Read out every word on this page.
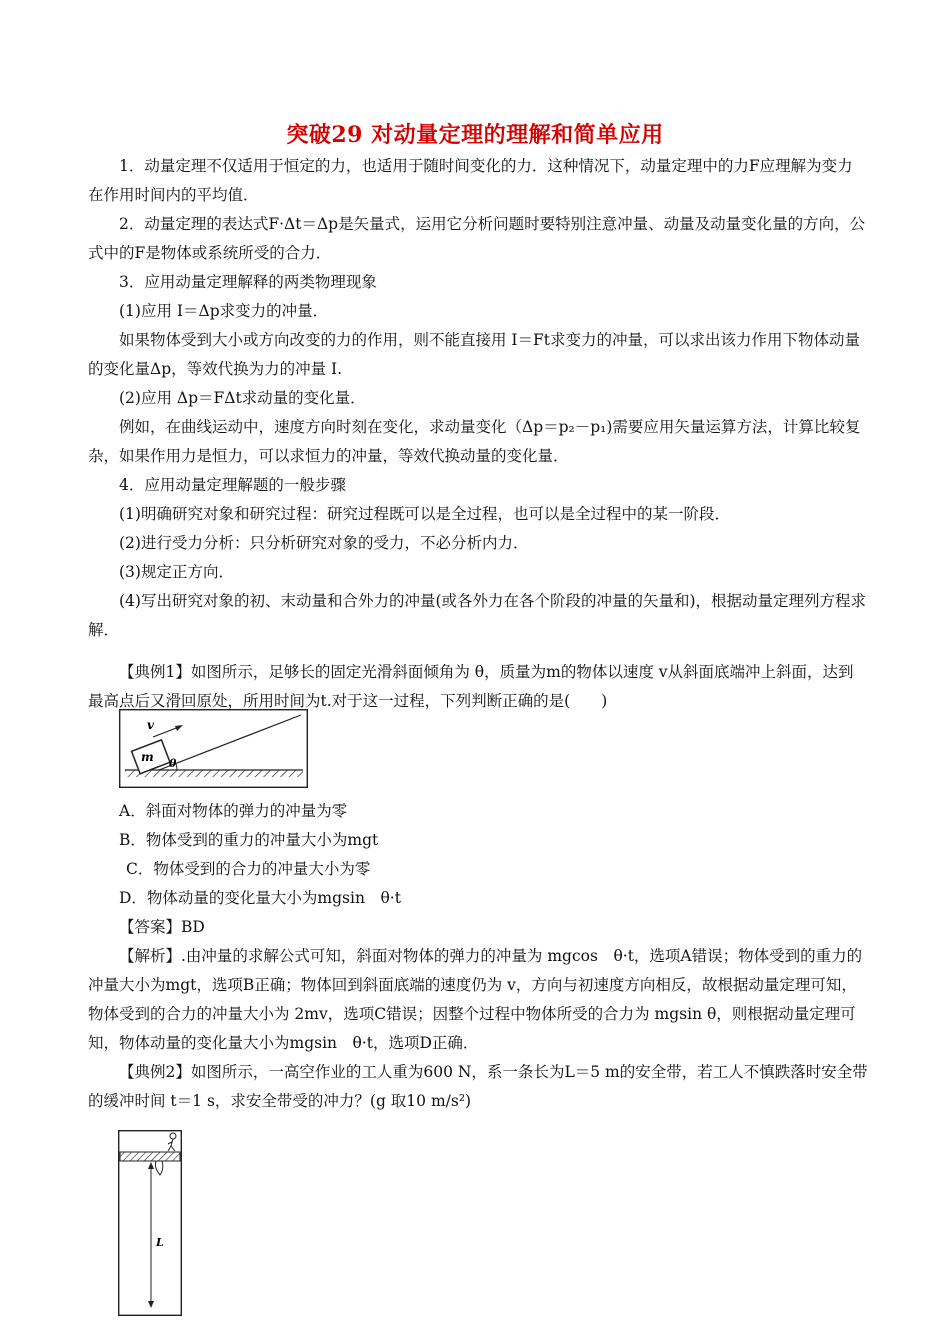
突破29 对动量定理的理解和简单应用

1．动量定理不仅适用于恒定的力，也适用于随时间变化的力．这种情况下，动量定理中的力F应理解为变力在作用时间内的平均值．

2．动量定理的表达式F·Δt＝Δp是矢量式，运用它分析问题时要特别注意冲量、动量及动量变化量的方向，公式中的F是物体或系统所受的合力．

3．应用动量定理解释的两类物理现象

(1)应用 I＝Δp求变力的冲量．

如果物体受到大小或方向改变的力的作用，则不能直接用 I＝Ft求变力的冲量，可以求出该力作用下物体动量的变化量Δp，等效代换为力的冲量 I.

(2)应用 Δp＝FΔt求动量的变化量．

例如，在曲线运动中，速度方向时刻在变化，求动量变化（Δp＝p₂－p₁)需要应用矢量运算方法，计算比较复杂，如果作用力是恒力，可以求恒力的冲量，等效代换动量的变化量．

4．应用动量定理解题的一般步骤

(1)明确研究对象和研究过程：研究过程既可以是全过程，也可以是全过程中的某一阶段．

(2)进行受力分析：只分析研究对象的受力，不必分析内力．

(3)规定正方向．

(4)写出研究对象的初、末动量和合外力的冲量(或各外力在各个阶段的冲量的矢量和)，根据动量定理列方程求解．

【典例1】如图所示，足够长的固定光滑斜面倾角为 θ，质量为m的物体以速度 v从斜面底端冲上斜面，达到最高点后又滑回原处，所用时间为t.对于这一过程，下列判断正确的是(　　)

m
v
θ

A．斜面对物体的弹力的冲量为零

B．物体受到的重力的冲量大小为mgt

C．物体受到的合力的冲量大小为零

D．物体动量的变化量大小为mgsin　θ·t

【答案】BD

【解析】.由冲量的求解公式可知，斜面对物体的弹力的冲量为 mgcos　θ·t，选项A错误；物体受到的重力的冲量大小为mgt，选项B正确；物体回到斜面底端的速度仍为 v，方向与初速度方向相反，故根据动量定理可知，物体受到的合力的冲量大小为 2mv，选项C错误；因整个过程中物体所受的合力为 mgsin θ，则根据动量定理可知，物体动量的变化量大小为mgsin　θ·t，选项D正确．

【典例2】如图所示，一高空作业的工人重为600 N，系一条长为L＝5 m的安全带，若工人不慎跌落时安全带的缓冲时间 t＝1 s，求安全带受的冲力？(g 取10 m/s²)

L
